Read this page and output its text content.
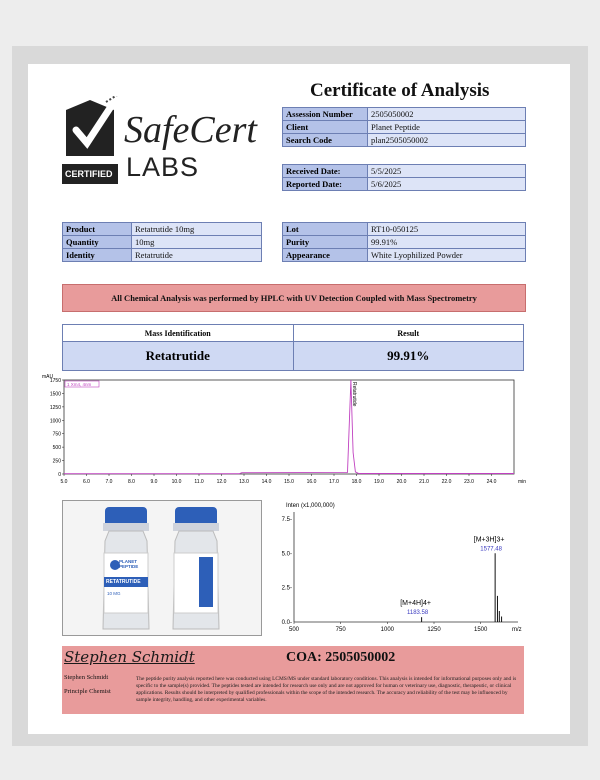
CERTIFIED
SafeCert
LABS
Certificate of Analysis
Assession Number	2505050002
Client	Planet Peptide
Search Code	plan2505050002
Received Date:	5/5/2025
Reported Date:	5/6/2025
Product	Retatrutide 10mg
Quantity	10mg
Identity	Retatrutide
Lot	RT10-050125
Purity	99.91%
Appearance	White Lyophilized Powder
All Chemical Analysis was performed by HPLC with UV Detection Coupled with Mass Spectrometry
Mass Identification	Result
Retatrutide	99.91%
mAU
1750
1500
1250
1000
750
500
250
0
5.0	6.0	7.0	8.0	9.0	10.0	11.0	12.0	13.0	14.0	15.0	16.0	17.0	18.0	19.0	20.0	21.0	22.0	23.0	24.0	min
1 Xm4, 4nm	Retatrutide
PLANET PEPTIDE
RETATRUTIDE
10 MG
Inten (x1,000,000)
7.5-
5.0-
2.5-
0.0-
500	750	1000	1250	1500	m/z
[M+4H]4+
1183.58
[M+3H]3+
1577.48
Stephen Schmidt	COA: 2505050002
Stephen Schmidt
Principle Chemist
The peptide purity analysis reported here was conducted using LCMS/MS under standard laboratory conditions. This analysis is intended for informational purposes only and is specific to the sample(s) provided. The peptides tested are intended for research use only and are not approved for human or veterinary use, diagnostic, therapeutic, or clinical applications. Results should be interpreted by qualified professionals within the scope of the intended research. The accuracy and reliability of the test may be influenced by sample integrity, handling, and other experimental variables.
